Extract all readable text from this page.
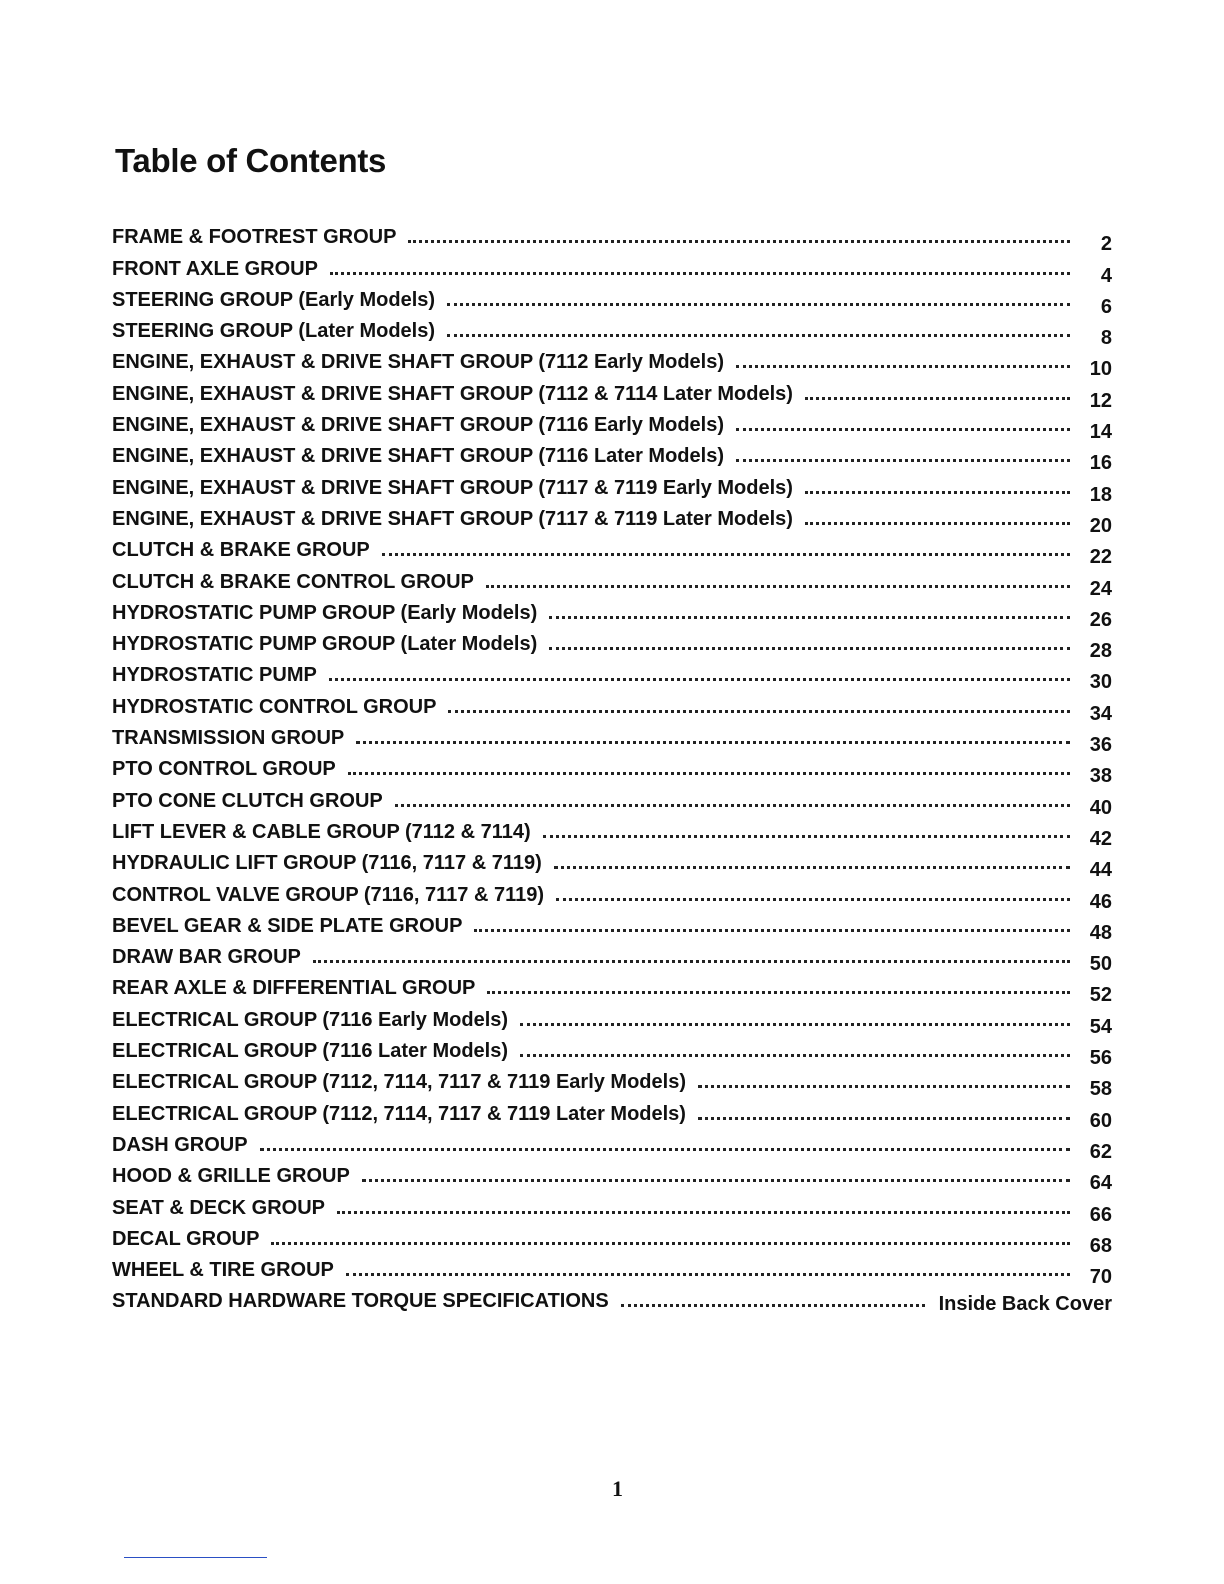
Table of Contents
FRAME & FOOTREST GROUP	2
FRONT AXLE GROUP	4
STEERING GROUP (Early Models)	6
STEERING GROUP (Later Models)	8
ENGINE, EXHAUST & DRIVE SHAFT GROUP (7112 Early Models)	10
ENGINE, EXHAUST & DRIVE SHAFT GROUP (7112 & 7114 Later Models)	12
ENGINE, EXHAUST & DRIVE SHAFT GROUP (7116 Early Models)	14
ENGINE, EXHAUST & DRIVE SHAFT GROUP (7116 Later Models)	16
ENGINE, EXHAUST & DRIVE SHAFT GROUP (7117 & 7119 Early Models)	18
ENGINE, EXHAUST & DRIVE SHAFT GROUP (7117 & 7119 Later Models)	20
CLUTCH & BRAKE GROUP	22
CLUTCH & BRAKE CONTROL GROUP	24
HYDROSTATIC PUMP GROUP (Early Models)	26
HYDROSTATIC PUMP GROUP (Later Models)	28
HYDROSTATIC PUMP	30
HYDROSTATIC CONTROL GROUP	34
TRANSMISSION GROUP	36
PTO CONTROL GROUP	38
PTO CONE CLUTCH GROUP	40
LIFT LEVER & CABLE GROUP (7112 & 7114)	42
HYDRAULIC LIFT GROUP (7116, 7117 & 7119)	44
CONTROL VALVE GROUP (7116, 7117 & 7119)	46
BEVEL GEAR & SIDE PLATE GROUP	48
DRAW BAR GROUP	50
REAR AXLE & DIFFERENTIAL GROUP	52
ELECTRICAL GROUP (7116 Early Models)	54
ELECTRICAL GROUP (7116 Later Models)	56
ELECTRICAL GROUP (7112, 7114, 7117 & 7119 Early Models)	58
ELECTRICAL GROUP (7112, 7114, 7117 & 7119 Later Models)	60
DASH GROUP	62
HOOD & GRILLE GROUP	64
SEAT & DECK GROUP	66
DECAL GROUP	68
WHEEL & TIRE GROUP	70
STANDARD HARDWARE TORQUE SPECIFICATIONS	Inside Back Cover
1
